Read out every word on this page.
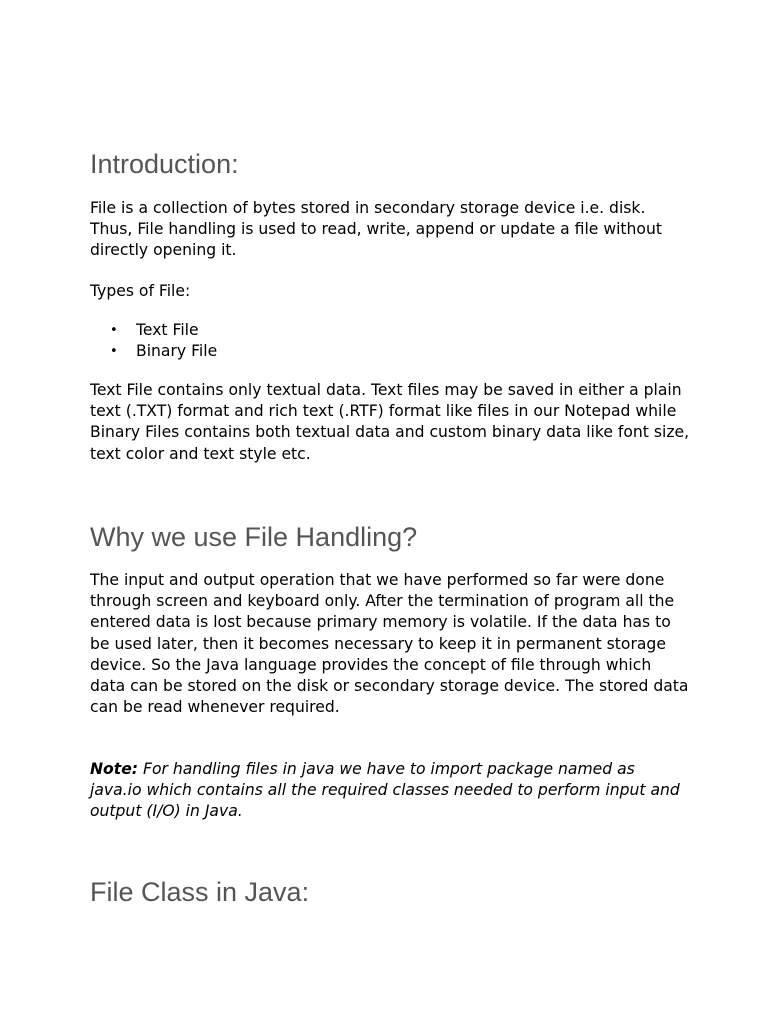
Introduction:

File is a collection of bytes stored in secondary storage device i.e. disk. Thus, File handling is used to read, write, append or update a file without directly opening it.

Types of File:

• Text File
• Binary File

Text File contains only textual data. Text files may be saved in either a plain text (.TXT) format and rich text (.RTF) format like files in our Notepad while Binary Files contains both textual data and custom binary data like font size, text color and text style etc.

Why we use File Handling?

The input and output operation that we have performed so far were done through screen and keyboard only. After the termination of program all the entered data is lost because primary memory is volatile. If the data has to be used later, then it becomes necessary to keep it in permanent storage device. So the Java language provides the concept of file through which data can be stored on the disk or secondary storage device. The stored data can be read whenever required.

Note: For handling files in java we have to import package named as java.io which contains all the required classes needed to perform input and output (I/O) in Java.

File Class in Java:
